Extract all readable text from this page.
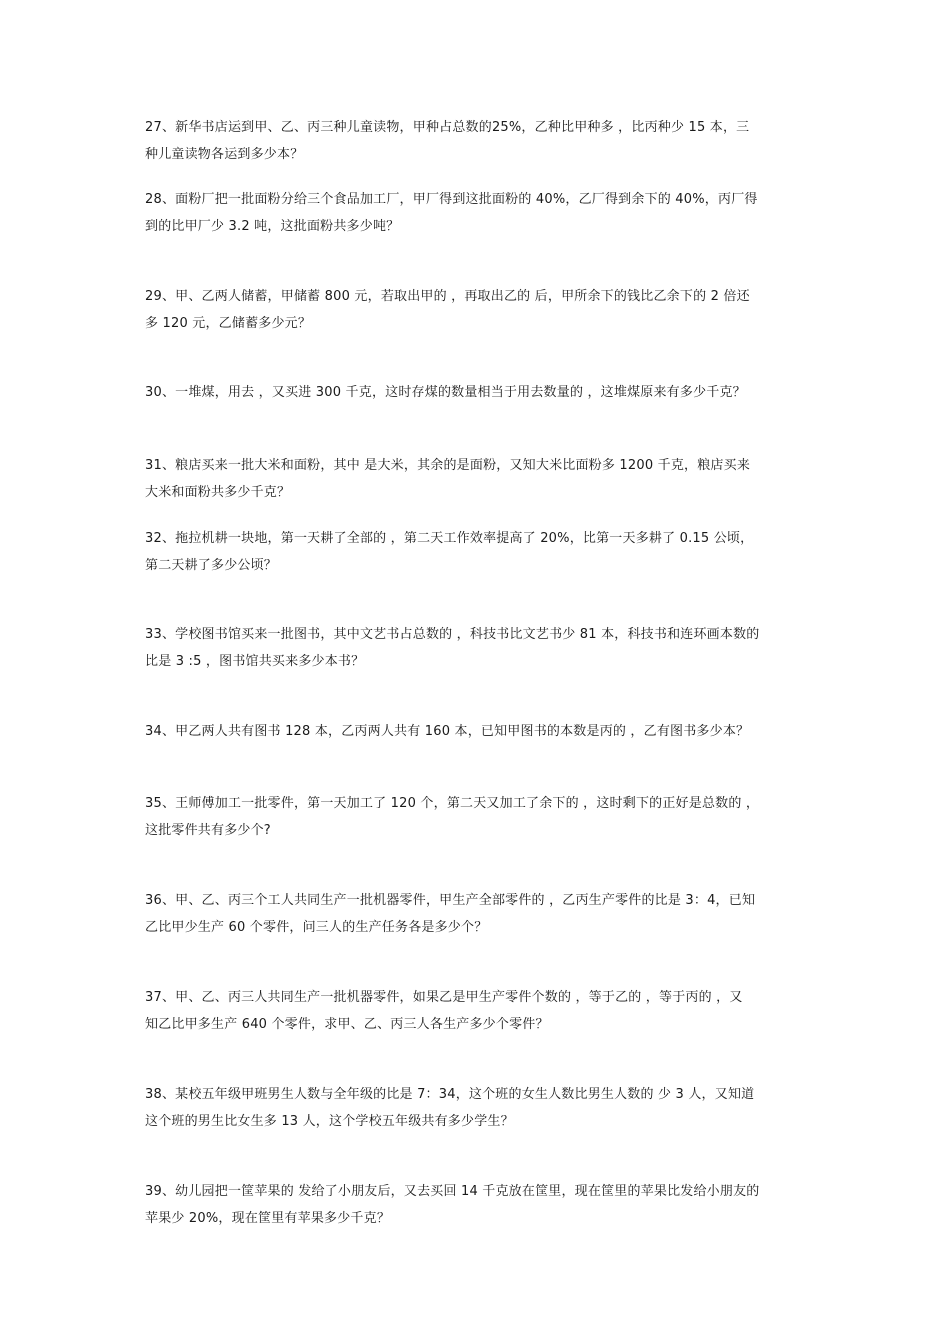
27、新华书店运到甲、乙、丙三种儿童读物，甲种占总数的25%，乙种比甲种多 ，比丙种少 15 本，三
种儿童读物各运到多少本？
28、面粉厂把一批面粉分给三个食品加工厂，甲厂得到这批面粉的 40%，乙厂得到余下的 40%，丙厂得
到的比甲厂少 3.2 吨，这批面粉共多少吨？
29、甲、乙两人储蓄，甲储蓄 800 元，若取出甲的 ，再取出乙的 后，甲所余下的钱比乙余下的 2 倍还
多 120 元，乙储蓄多少元？
30、一堆煤，用去 ，又买进 300 千克，这时存煤的数量相当于用去数量的 ，这堆煤原来有多少千克？
31、粮店买来一批大米和面粉，其中 是大米，其余的是面粉，又知大米比面粉多 1200 千克，粮店买来
大米和面粉共多少千克？
32、拖拉机耕一块地，第一天耕了全部的 ，第二天工作效率提高了 20%，比第一天多耕了 0.15 公顷，
第二天耕了多少公顷？
33、学校图书馆买来一批图书，其中文艺书占总数的 ，科技书比文艺书少 81 本，科技书和连环画本数的
比是 3 :5 ，图书馆共买来多少本书？
34、甲乙两人共有图书 128 本，乙丙两人共有 160 本，已知甲图书的本数是丙的 ，乙有图书多少本？
35、王师傅加工一批零件，第一天加工了 120 个，第二天又加工了余下的 ，这时剩下的正好是总数的 ，
这批零件共有多少个?
36、甲、乙、丙三个工人共同生产一批机器零件，甲生产全部零件的 ，乙丙生产零件的比是 3：4，已知
乙比甲少生产 60 个零件，问三人的生产任务各是多少个？
37、甲、乙、丙三人共同生产一批机器零件，如果乙是甲生产零件个数的 ，等于乙的 ，等于丙的 ，又
知乙比甲多生产 640 个零件，求甲、乙、丙三人各生产多少个零件？
38、某校五年级甲班男生人数与全年级的比是 7：34，这个班的女生人数比男生人数的 少 3 人，又知道
这个班的男生比女生多 13 人，这个学校五年级共有多少学生？
39、幼儿园把一筐苹果的 发给了小朋友后，又去买回 14 千克放在筐里，现在筐里的苹果比发给小朋友的
苹果少 20%，现在筐里有苹果多少千克？
